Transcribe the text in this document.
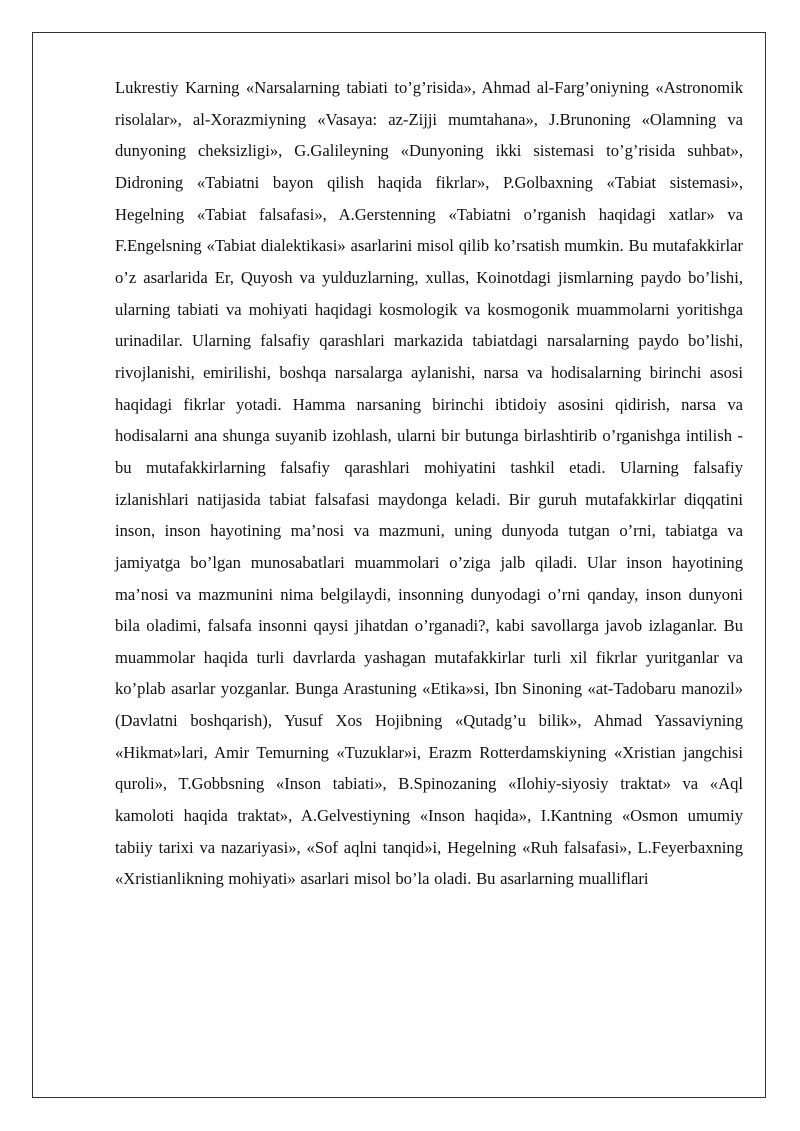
Lukrestiy Karning «Narsalarning tabiati to’g’risida», Ahmad al-Farg’oniyning «Astronomik risolalar», al-Xorazmiyning «Vasaya: az-Zijji mumtahana», J.Brunoning «Olamning va dunyoning cheksizligi», G.Galileyning «Dunyoning ikki sistemasi to’g’risida suhbat», Didroning «Tabiatni bayon qilish haqida fikrlar», P.Golbaxning «Tabiat sistemasi», Hegelning «Tabiat falsafasi», A.Gerstenning «Tabiatni o’rganish haqidagi xatlar» va F.Engelsning «Tabiat dialektikasi» asarlarini misol qilib ko’rsatish mumkin. Bu mutafakkirlar o’z asarlarida Er, Quyosh va yulduzlarning, xullas, Koinotdagi jismlarning paydo bo’lishi, ularning tabiati va mohiyati haqidagi kosmologik va kosmogonik muammolarni yoritishga urinadilar. Ularning falsafiy qarashlari markazida tabiatdagi narsalarning paydo bo’lishi, rivojlanishi, emirilishi, boshqa narsalarga aylanishi, narsa va hodisalarning birinchi asosi haqidagi fikrlar yotadi. Hamma narsaning birinchi ibtidoiy asosini qidirish, narsa va hodisalarni ana shunga suyanib izohlash, ularni bir butunga birlashtirib o’rganishga intilish - bu mutafakkirlarning falsafiy qarashlari mohiyatini tashkil etadi. Ularning falsafiy izlanishlari natijasida tabiat falsafasi maydonga keladi. Bir guruh mutafakkirlar diqqatini inson, inson hayotining ma’nosi va mazmuni, uning dunyoda tutgan o’rni, tabiatga va jamiyatga bo’lgan munosabatlari muammolari o’ziga jalb qiladi. Ular inson hayotining ma’nosi va mazmunini nima belgilaydi, insonning dunyodagi o’rni qanday, inson dunyoni bila oladimi, falsafa insonni qaysi jihatdan o’rganadi?, kabi savollarga javob izlaganlar. Bu muammolar haqida turli davrlarda yashagan mutafakkirlar turli xil fikrlar yuritganlar va ko’plab asarlar yozganlar. Bunga Arastuning «Etika»si, Ibn Sinoning «at-Tadobaru manozil» (Davlatni boshqarish), Yusuf Xos Hojibning «Qutadg’u bilik», Ahmad Yassaviyning «Hikmat»lari, Amir Temurning «Tuzuklar»i, Erazm Rotterdamskiyning «Xristian jangchisi quroli», T.Gobbsning «Inson tabiati», B.Spinozaning «Ilohiy-siyosiy traktat» va «Aql kamoloti haqida traktat», A.Gelvestiyning «Inson haqida», I.Kantning «Osmon umumiy tabiiy tarixi va nazariyasi», «Sof aqlni tanqid»i, Hegelning «Ruh falsafasi», L.Feyerbaxning «Xristianlikning mohiyati» asarlari misol bo’la oladi. Bu asarlarning mualliflari
